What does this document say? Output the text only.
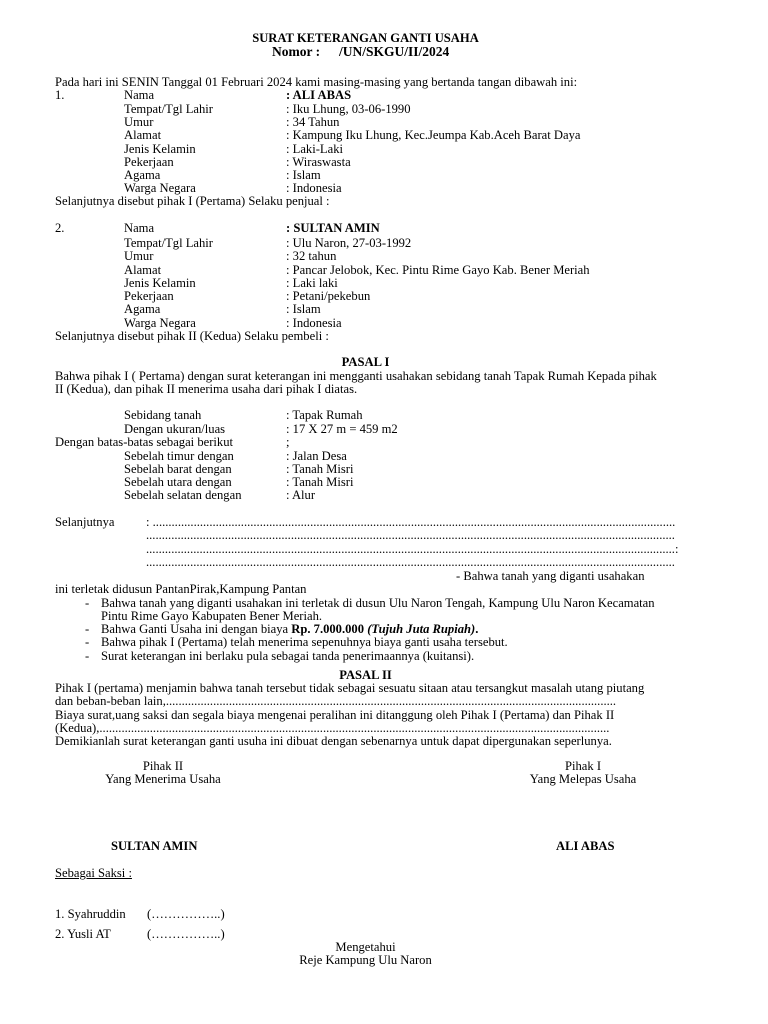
SURAT KETERANGAN GANTI USAHA
Nomor : /UN/SKGU/II/2024
Pada hari ini SENIN Tanggal 01 Februari 2024 kami masing-masing yang bertanda tangan dibawah ini:
1.	Nama	: ALI ABAS
Tempat/Tgl Lahir	: Iku Lhung, 03-06-1990
Umur	: 34 Tahun
Alamat	: Kampung Iku Lhung, Kec.Jeumpa Kab.Aceh Barat Daya
Jenis Kelamin	: Laki-Laki
Pekerjaan	: Wiraswasta
Agama	: Islam
Warga Negara	: Indonesia
Selanjutnya disebut pihak I (Pertama) Selaku penjual :
2.	Nama	: SULTAN AMIN
Tempat/Tgl Lahir	: Ulu Naron, 27-03-1992
Umur	: 32 tahun
Alamat	: Pancar Jelobok, Kec. Pintu Rime Gayo Kab. Bener Meriah
Jenis Kelamin	: Laki laki
Pekerjaan	: Petani/pekebun
Agama	: Islam
Warga Negara	: Indonesia
Selanjutnya disebut pihak II (Kedua) Selaku pembeli :
PASAL I
Bahwa pihak I ( Pertama) dengan surat keterangan ini mengganti usahakan sebidang tanah Tapak Rumah Kepada pihak
II (Kedua), dan pihak II menerima usaha dari pihak I diatas.
Sebidang tanah	: Tapak Rumah
Dengan ukuran/luas	: 17 X 27 m = 459 m2
Dengan batas-batas sebagai berikut	;
Sebelah timur dengan	: Jalan Desa
Sebelah barat dengan	: Tanah Misri
Sebelah utara dengan	: Tanah Misri
Sebelah selatan dengan	: Alur
Selanjutnya	: ......................................................................................................................................................................
........................................................................................................................................................................
........................................................................................................................................................................:
........................................................................................................................................................................
- Bahwa tanah yang diganti usahakan
ini terletak didusun PantanPirak,Kampung Pantan
- Bahwa tanah yang diganti usahakan ini terletak di dusun Ulu Naron Tengah, Kampung Ulu Naron Kecamatan
Pintu Rime Gayo Kabupaten Bener Meriah.
- Bahwa Ganti Usaha ini dengan biaya Rp. 7.000.000 (Tujuh Juta Rupiah).
- Bahwa pihak I (Pertama) telah menerima sepenuhnya biaya ganti usaha tersebut.
- Surat keterangan ini berlaku pula sebagai tanda penerimaannya (kuitansi).
PASAL II
Pihak I (pertama) menjamin bahwa tanah tersebut tidak sebagai sesuatu sitaan atau tersangkut masalah utang piutang
dan beban-beban lain,...............................................................................................................................................
Biaya surat,uang saksi dan segala biaya mengenai peralihan ini ditanggung oleh Pihak I (Pertama) dan Pihak II
(Kedua),..................................................................................................................................................................
Demikianlah surat keterangan ganti usuha ini dibuat dengan sebenarnya untuk dapat dipergunakan seperlunya.
Pihak II
Yang Menerima Usaha
Pihak I
Yang Melepas Usaha
SULTAN AMIN	ALI ABAS
Sebagai Saksi :
1. Syahruddin (……………..)
2. Yusli AT	(……………..)
Mengetahui
Reje Kampung Ulu Naron
